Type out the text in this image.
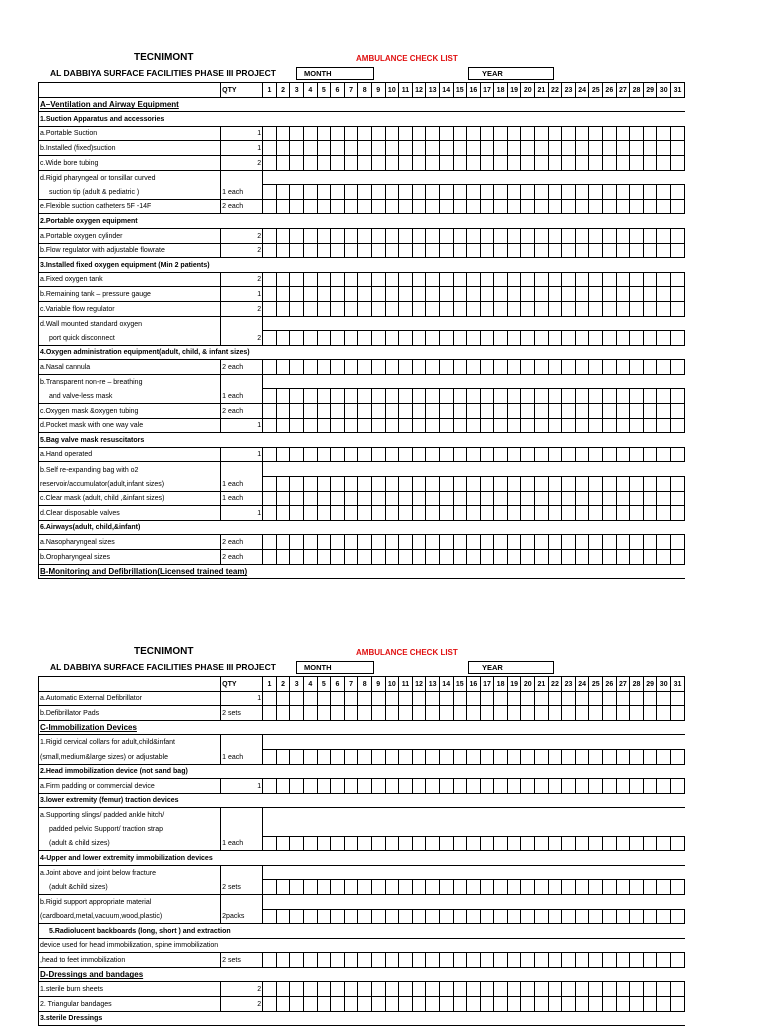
TECNIMONT	AMBULANCE CHECK LIST
AL DABBIYA SURFACE FACILITIES PHASE III PROJECT	MONTH	YEAR
	QTY	1	2	3	4	5	6	7	8	9	10	11	12	13	14	15	16	17	18	19	20	21	22	23	24	25	26	27	28	29	30	31
A–Ventilation and Airway Equipment																																
1.Suction Apparatus and accessories																																
a.Portable Suction	1																															
b.Installed (fixed)suction	1																															
c.Wide bore tubing	2																															
d.Rigid pharyngeal or tonsillar curved																																
suction tip (adult & pediatric )	1 each																															
e.Flexible suction catheters 5F -14F	2 each																															
2.Portable oxygen equipment																																
a.Portable oxygen cylinder	2																															
b.Flow regulator with adjustable flowrate	2																															
3.Installed fixed oxygen equipment (Min 2 patients)																																
a.Fixed oxygen tank	2																															
b.Remaining tank – pressure gauge	1																															
c.Variable flow regulator	2																															
d.Wall mounted standard oxygen																																
port quick disconnect	2																															
4.Oxygen administration equipment(adult, child, & infant sizes)																																
a.Nasal cannula	2 each																															
b.Transparent non-re – breathing																																
and valve-less mask	1 each																															
c.Oxygen mask &oxygen tubing	2 each																															
d.Pocket mask with one way vale	1																															
5.Bag valve mask resuscitators																																
a.Hand operated	1																															
b.Self re-expanding bag with o2																																
reservoir/accumulator(adult,infant sizes)	1 each																															
c.Clear mask (adult, child ,&infant sizes)	1 each																															
d.Clear disposable valves	1																															
6.Airways(adult, child,&infant)																																
a.Nasopharyngeal sizes	2 each																															
b.Oropharyngeal sizes	2 each																															
B-Monitoring and Defibrillation(Licensed trained team)																																
TECNIMONT	AMBULANCE CHECK LIST
AL DABBIYA SURFACE FACILITIES PHASE III PROJECT	MONTH	YEAR
	QTY	1	2	3	4	5	6	7	8	9	10	11	12	13	14	15	16	17	18	19	20	21	22	23	24	25	26	27	28	29	30	31
a.Automatic External Defibrillator	1																															
b.Defibrillator Pads	2 sets																															
C-Immobilization Devices																																
1.Rigid cervical collars for adult,child&infant																																
(small,medium&large sizes) or adjustable	1 each																															
2.Head immobilization device (not sand bag)																																
a.Firm padding or commercial device	1																															
3.lower extremity (femur) traction devices																																
a.Supporting slings/ padded ankle hitch/																																
padded pelvic Support/ traction strap																																
(adult & child sizes)	1 each																															
4-Upper and lower extremity immobilization devices																																
a.Joint above and joint below fracture																																
(adult &child sizes)	2 sets																															
b.Rigid support appropriate material																																
(cardboard,metal,vacuum,wood,plastic)	2packs																															
5.Radiolucent backboards (long, short ) and extraction																																
device used for head immobilization, spine immobilization																																
,head to feet immobilization	2 sets																															
D-Dressings and bandages																																
1.sterile burn sheets	2																															
2. Triangular bandages	2																															
3.sterile Dressings																																
